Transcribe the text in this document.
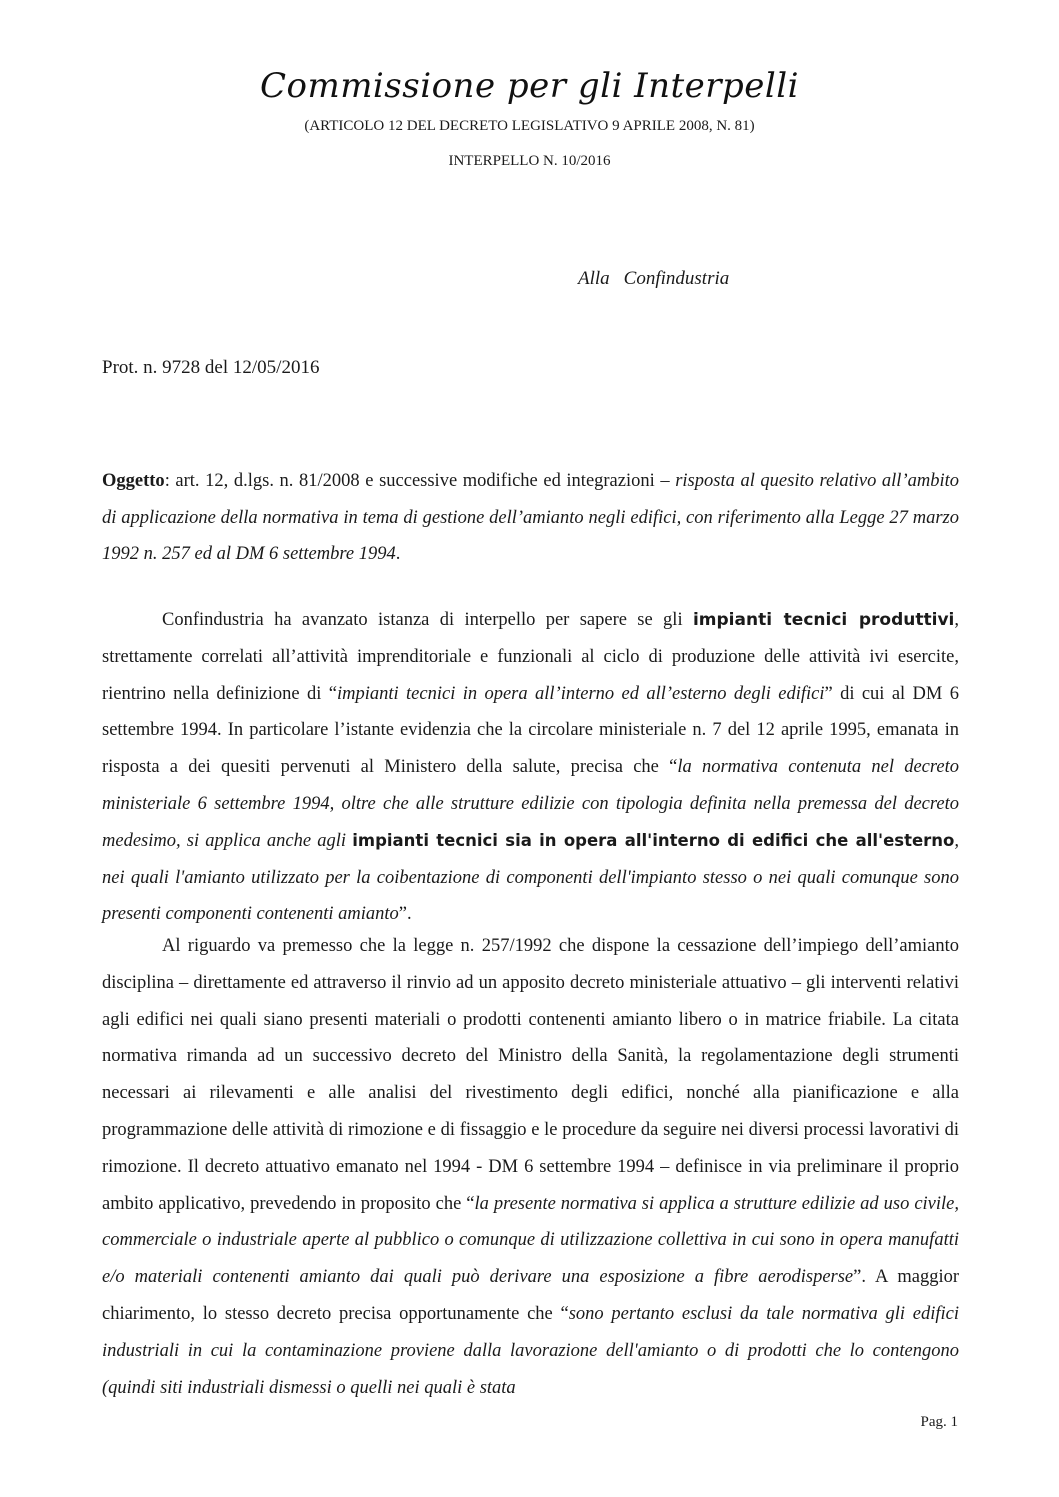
Commissione per gli Interpelli
(ARTICOLO 12 DEL DECRETO LEGISLATIVO 9 APRILE 2008, N. 81)
INTERPELLO N. 10/2016
Alla Confindustria
Prot. n. 9728 del 12/05/2016

Oggetto: art. 12, d.lgs. n. 81/2008 e successive modifiche ed integrazioni – risposta al quesito relativo all’ambito di applicazione della normativa in tema di gestione dell’amianto negli edifici, con riferimento alla Legge 27 marzo 1992 n. 257 ed al DM 6 settembre 1994.

Confindustria ha avanzato istanza di interpello per sapere se gli impianti tecnici produttivi, strettamente correlati all’attività imprenditoriale e funzionali al ciclo di produzione delle attività ivi esercite, rientrino nella definizione di “impianti tecnici in opera all’interno ed all’esterno degli edifici” di cui al DM 6 settembre 1994. In particolare l’istante evidenzia che la circolare ministeriale n. 7 del 12 aprile 1995, emanata in risposta a dei quesiti pervenuti al Ministero della salute, precisa che “la normativa contenuta nel decreto ministeriale 6 settembre 1994, oltre che alle strutture edilizie con tipologia definita nella premessa del decreto medesimo, si applica anche agli impianti tecnici sia in opera all'interno di edifici che all'esterno, nei quali l'amianto utilizzato per la coibentazione di componenti dell'impianto stesso o nei quali comunque sono presenti componenti contenenti amianto”.

Al riguardo va premesso che la legge n. 257/1992 che dispone la cessazione dell’impiego dell’amianto disciplina – direttamente ed attraverso il rinvio ad un apposito decreto ministeriale attuativo – gli interventi relativi agli edifici nei quali siano presenti materiali o prodotti contenenti amianto libero o in matrice friabile. La citata normativa rimanda ad un successivo decreto del Ministro della Sanità, la regolamentazione degli strumenti necessari ai rilevamenti e alle analisi del rivestimento degli edifici, nonché alla pianificazione e alla programmazione delle attività di rimozione e di fissaggio e le procedure da seguire nei diversi processi lavorativi di rimozione. Il decreto attuativo emanato nel 1994 - DM 6 settembre 1994 – definisce in via preliminare il proprio ambito applicativo, prevedendo in proposito che “la presente normativa si applica a strutture edilizie ad uso civile, commerciale o industriale aperte al pubblico o comunque di utilizzazione collettiva in cui sono in opera manufatti e/o materiali contenenti amianto dai quali può derivare una esposizione a fibre aerodisperse”. A maggior chiarimento, lo stesso decreto precisa opportunamente che “sono pertanto esclusi da tale normativa gli edifici industriali in cui la contaminazione proviene dalla lavorazione dell'amianto o di prodotti che lo contengono (quindi siti industriali dismessi o quelli nei quali è stata

Pag. 1
